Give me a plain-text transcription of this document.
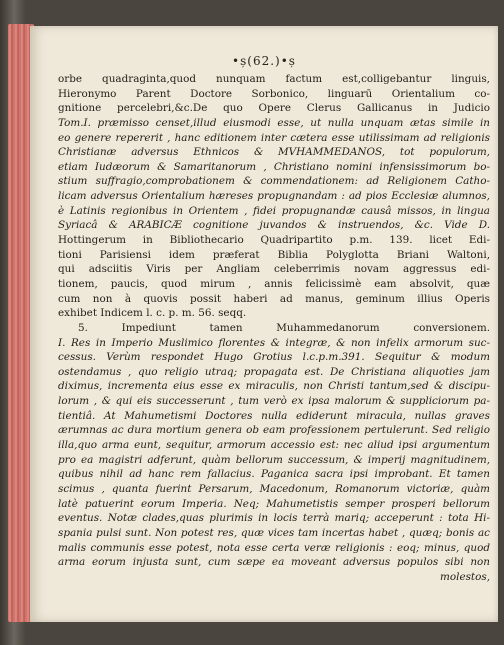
•ș(62.)•ș
orbe quadraginta,quod nunquam factum est,colligebantur linguis,
Hieronymo Parent Doctore Sorbonico, linguarū Orientalium co-
gnitione percelebri,&c.De quo Opere Clerus Gallicanus in Judicio
Tom.I. præmisso censet,illud eiusmodi esse, ut nulla unquam ætas simile in
eo genere repererit , hanc editionem inter cætera esse utilissimam ad religionis
Christianæ adversus Ethnicos & MVHAMMEDANOS, tot populorum,
etiam Iudæorum & Samaritanorum , Christiano nomini infensissimorum bo-
stium suffragio,comprobationem & commendationem: ad Religionem Catho-
licam adversus Orientalium hæreses propugnandam : ad pios Ecclesiæ alumnos,
è Latinis regionibus in Orientem , fidei propugnandæ causâ missos, in lingua
Syriacâ & ARABICÆ cognitione juvandos & instruendos, &c. Vide D.
Hottingerum in Bibliothecario Quadripartito p.m. 139. licet Edi-
tioni Parisiensi idem præferat Biblia Polyglotta Briani Waltoni,
qui adsciitis Viris per Angliam celeberrimis novam aggressus edi-
tionem, paucis, quod mirum , annis felicissimè eam absolvit, quæ
cum non à quovis possit haberi ad manus, geminum illius Operis
exhibet Indicem l. c. p. m. 56. seqq.
5. Impediunt tamen Muhammedanorum conversionem.
I. Res in Imperio Muslimico florentes & integræ, & non infelix armorum suc-
cessus. Verùm respondet Hugo Grotius l.c.p.m.391. Sequitur & modum
ostendamus , quo religio utraq; propagata est. De Christiana aliquoties jam
diximus, incrementa eius esse ex miraculis, non Christi tantum,sed & discipu-
lorum , & qui eis successerunt , tum verò ex ipsa malorum & suppliciorum pa-
tientiâ. At Mahumetismi Doctores nulla ediderunt miracula, nullas graves
ærumnas ac dura mortium genera ob eam professionem pertulerunt. Sed religio
illa,quo arma eunt, sequitur, armorum accessio est: nec aliud ipsi argumentum
pro ea magistri adferunt, quàm bellorum successum, & imperij magnitudinem,
quibus nihil ad hanc rem fallacius. Paganica sacra ipsi improbant. Et tamen
scimus , quanta fuerint Persarum, Macedonum, Romanorum victoriæ, quàm
latè patuerint eorum Imperia. Neq; Mahumetistis semper prosperi bellorum
eventus. Notæ clades,quas plurimis in locis terrà mariq; acceperunt : tota Hi-
spania pulsi sunt. Non potest res, quæ vices tam incertas habet , quæq; bonis ac
malis communis esse potest, nota esse certa veræ religionis : eoq; minus, quod
arma eorum injusta sunt, cum sæpe ea moveant adversus populos sibi non
molestos,
